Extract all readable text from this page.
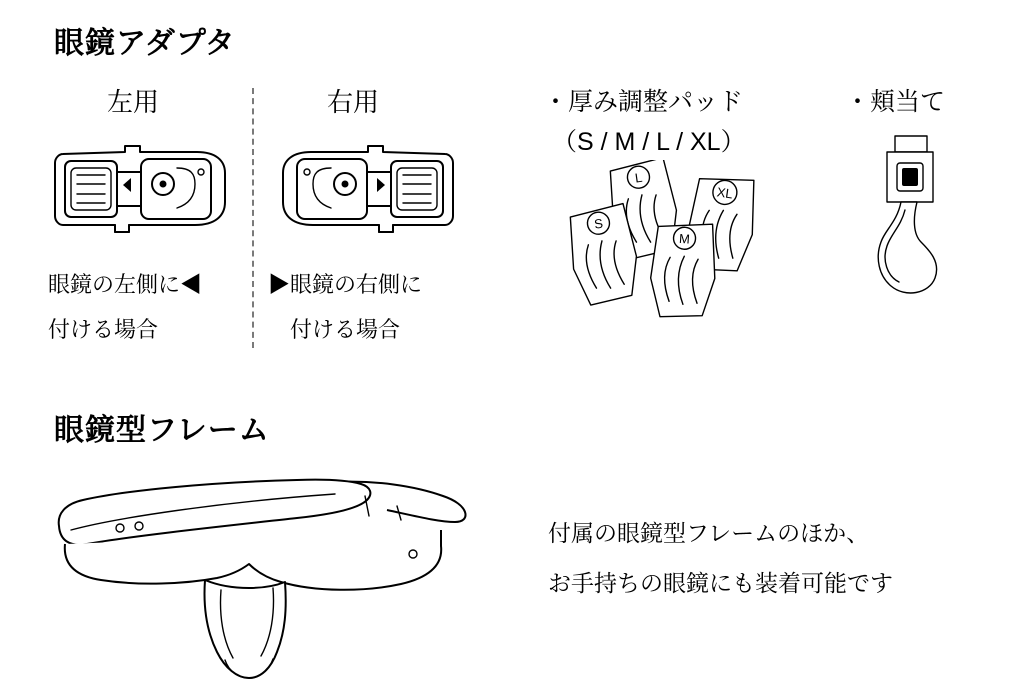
眼鏡アダプタ
左用	右用
眼鏡の左側に◀
付ける場合
▶眼鏡の右側に
付ける場合
・厚み調整パッド
（S / M / L / XL）
L
XL
S
M
・頬当て
眼鏡型フレーム
付属の眼鏡型フレームのほか、
お手持ちの眼鏡にも装着可能です
